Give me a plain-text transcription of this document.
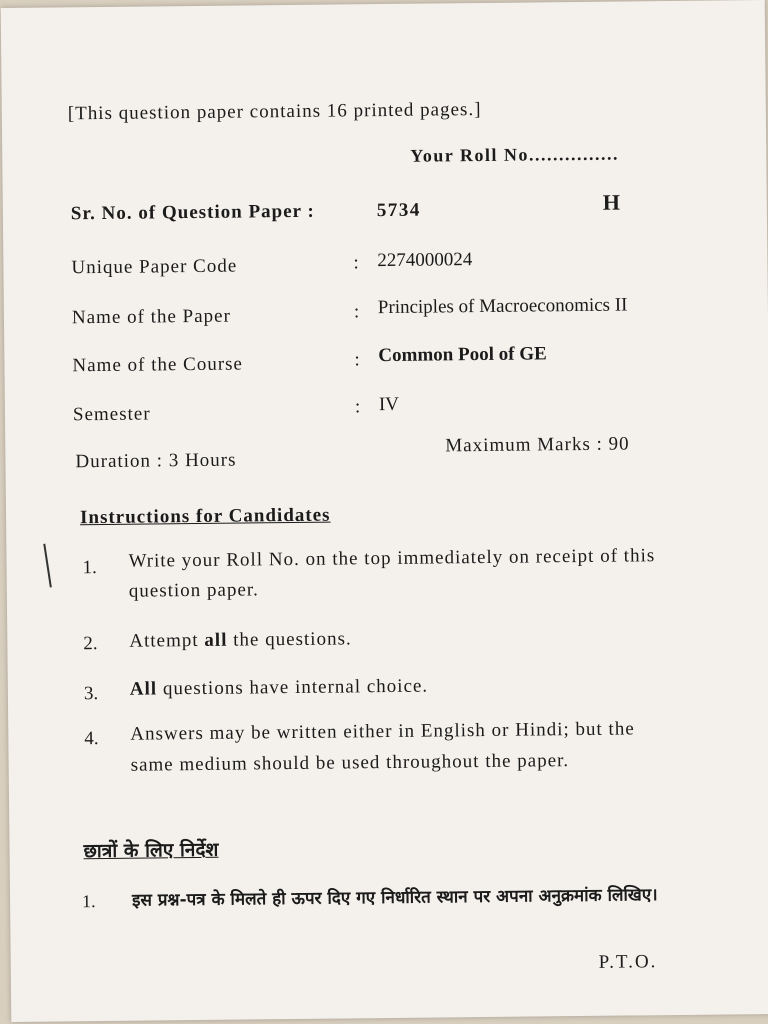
[This question paper contains 16 printed pages.]
Your Roll No...............
Sr. No. of Question Paper :	5734	H
Unique Paper Code	: 2274000024
Name of the Paper	: Principles of Macroeconomics II
Name of the Course	: Common Pool of GE
Semester	: IV
Duration : 3 Hours
Maximum Marks : 90
Instructions for Candidates
1. Write your Roll No. on the top immediately on receipt of this question paper.
2. Attempt all the questions.
3. All questions have internal choice.
4. Answers may be written either in English or Hindi; but the same medium should be used throughout the paper.
छात्रों के लिए निर्देश
1. इस प्रश्न-पत्र के मिलते ही ऊपर दिए गए निर्धारित स्थान पर अपना अनुक्रमांक लिखिए।
P.T.O.
